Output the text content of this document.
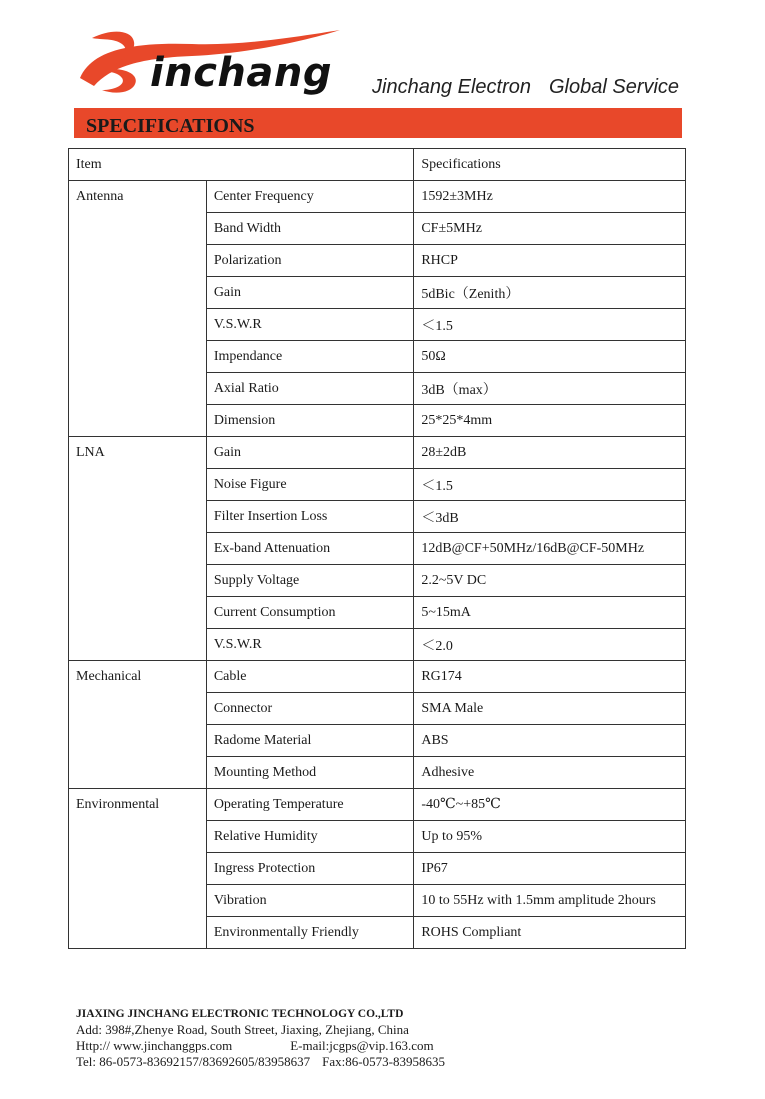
inchang Jinchang Electron Global Service
SPECIFICATIONS
Item		Specifications
Antenna	Center Frequency	1592±3MHz
	Band Width	CF±5MHz
	Polarization	RHCP
	Gain	5dBic（Zenith）
	V.S.W.R	＜1.5
	Impendance	50Ω
	Axial Ratio	3dB（max）
	Dimension	25*25*4mm
LNA	Gain	28±2dB
	Noise Figure	＜1.5
	Filter Insertion Loss	＜3dB
	Ex-band Attenuation	12dB@CF+50MHz/16dB@CF-50MHz
	Supply Voltage	2.2~5V DC
	Current Consumption	5~15mA
	V.S.W.R	＜2.0
Mechanical	Cable	RG174
	Connector	SMA Male
	Radome Material	ABS
	Mounting Method	Adhesive
Environmental	Operating Temperature	-40℃~+85℃
	Relative Humidity	Up to 95%
	Ingress Protection	IP67
	Vibration	10 to 55Hz with 1.5mm amplitude 2hours
	Environmentally Friendly	ROHS Compliant
JIAXING JINCHANG ELECTRONIC TECHNOLOGY CO.,LTD
Add: 398#,Zhenye Road, South Street, Jiaxing, Zhejiang, China
Http:// www.jinchanggps.com	E-mail:jcgps@vip.163.com
Tel: 86-0573-83692157/83692605/83958637 Fax:86-0573-83958635
